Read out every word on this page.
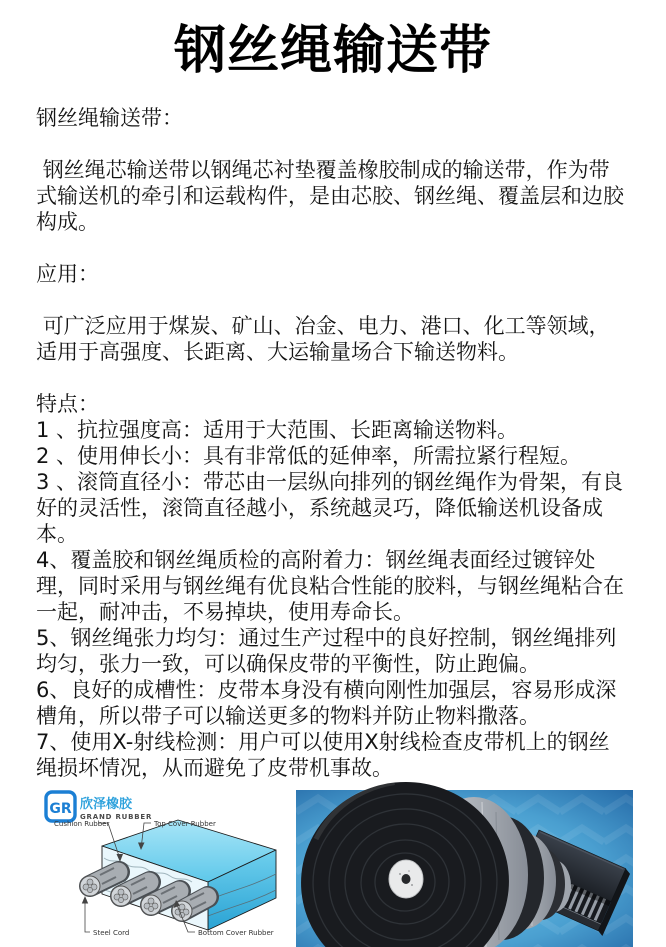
钢丝绳输送带

钢丝绳输送带：

钢丝绳芯输送带以钢绳芯衬垫覆盖橡胶制成的输送带，作为带式输送机的牵引和运载构件，是由芯胶、钢丝绳、覆盖层和边胶构成。

应用：

可广泛应用于煤炭、矿山、冶金、电力、港口、化工等领域，适用于高强度、长距离、大运输量场合下输送物料。

特点：

1 、抗拉强度高：适用于大范围、长距离输送物料。

2 、使用伸长小：具有非常低的延伸率，所需拉紧行程短。

3 、滚筒直径小：带芯由一层纵向排列的钢丝绳作为骨架，有良好的灵活性，滚筒直径越小，系统越灵巧，降低输送机设备成本。

4、覆盖胶和钢丝绳质检的高附着力：钢丝绳表面经过镀锌处理，同时采用与钢丝绳有优良粘合性能的胶料，与钢丝绳粘合在一起，耐冲击，不易掉块，使用寿命长。

5、钢丝绳张力均匀：通过生产过程中的良好控制，钢丝绳排列均匀，张力一致，可以确保皮带的平衡性，防止跑偏。

6、良好的成槽性：皮带本身没有横向刚性加强层，容易形成深槽角，所以带子可以输送更多的物料并防止物料撒落。

7、使用X-射线检测：用户可以使用X射线检查皮带机上的钢丝绳损坏情况，从而避免了皮带机事故。

GR 欣泽橡胶
GRAND RUBBER
Cushion Rubber	Top Cover Rubber
Steel Cord	Bottom Cover Rubber
